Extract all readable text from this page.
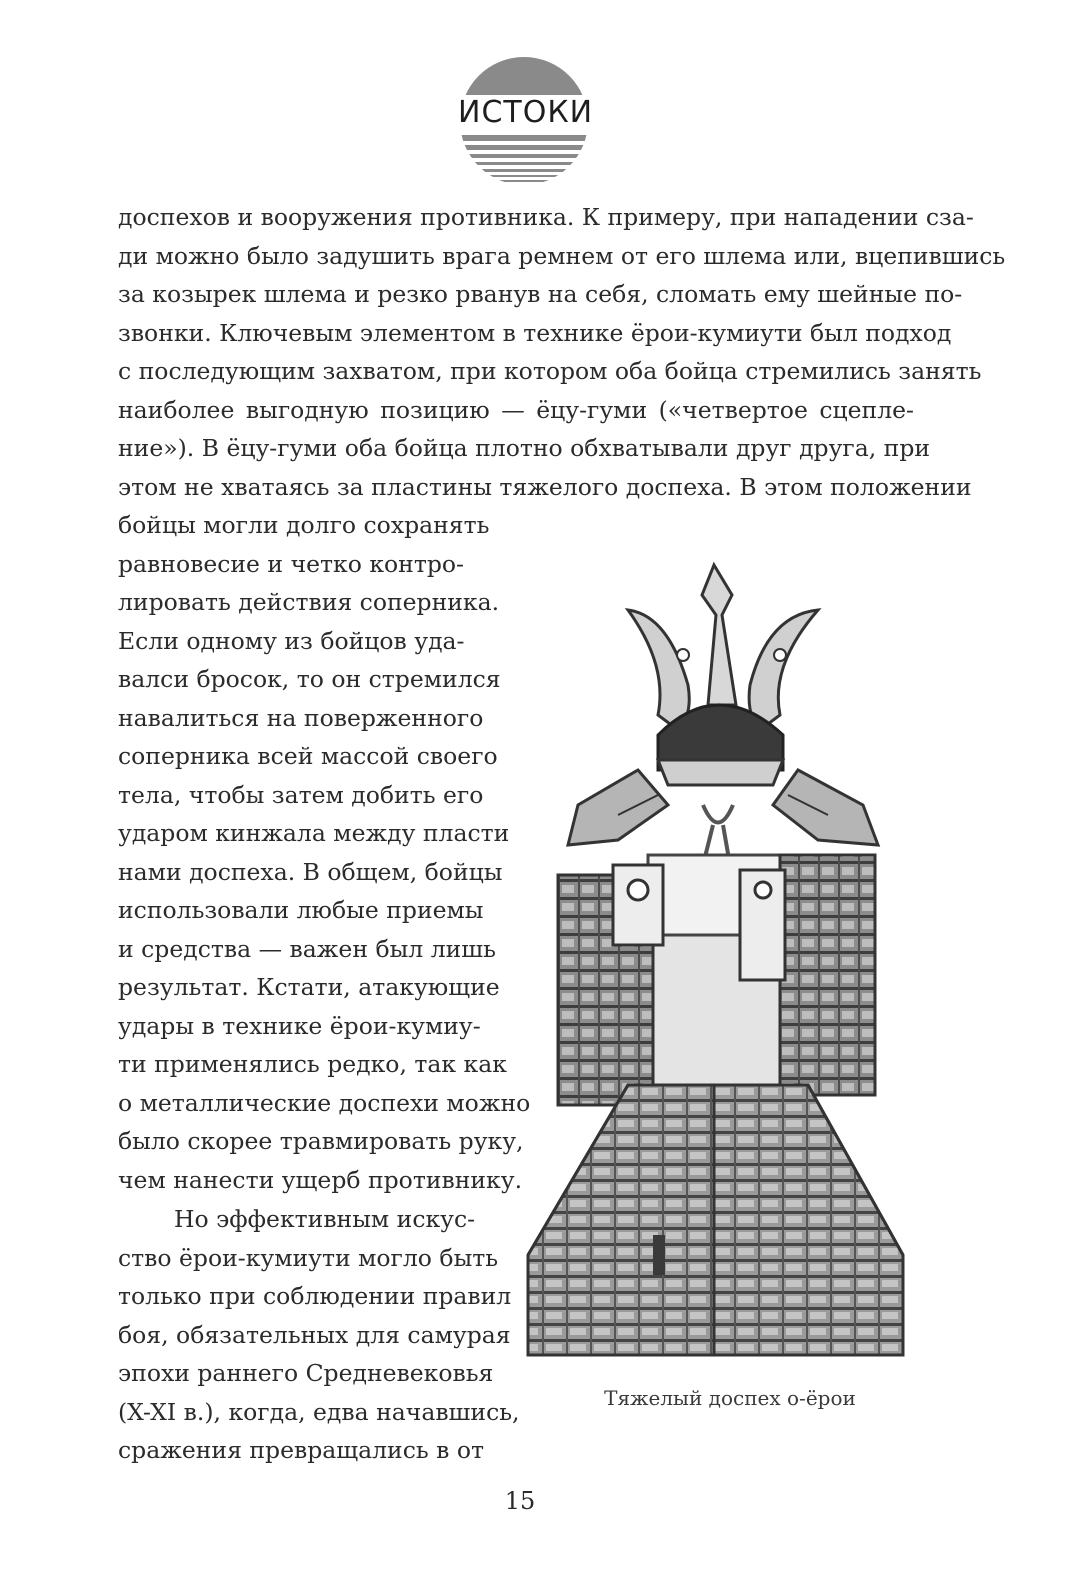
ИСТОКИ
доспехов и вооружения противника. К примеру, при нападении сза-
ди можно было задушить врага ремнем от его шлема или, вцепившись
за козырек шлема и резко рванув на себя, сломать ему шейные по-
звонки. Ключевым элементом в технике ёрои-кумиути был подход
с последующим захватом, при котором оба бойца стремились занять
наиболее выгодную позицию — ёцу-гуми («четвертое сцепле-
ние»). В ёцу-гуми оба бойца плотно обхватывали друг друга, при
этом не хватаясь за пластины тяжелого доспеха. В этом положении
бойцы могли долго сохранять
равновесие и четко контро-
лировать действия соперника.
Если одному из бойцов уда-
валси бросок, то он стремился
навалиться на поверженного
соперника всей массой своего
тела, чтобы затем добить его
ударом кинжала между пласти
нами доспеха. В общем, бойцы
использовали любые приемы
и средства — важен был лишь
результат. Кстати, атакующие
удары в технике ёрои-кумиу-
ти применялись редко, так как
о металлические доспехи можно
было скорее травмировать руку,
чем нанести ущерб противнику.
Но эффективным искус-
ство ёрои-кумиути могло быть
только при соблюдении правил
боя, обязательных для самурая
эпохи раннего Средневековья
(X-XI в.), когда, едва начавшись,
сражения превращались в от
Тяжелый доспех о-ёрои
15
